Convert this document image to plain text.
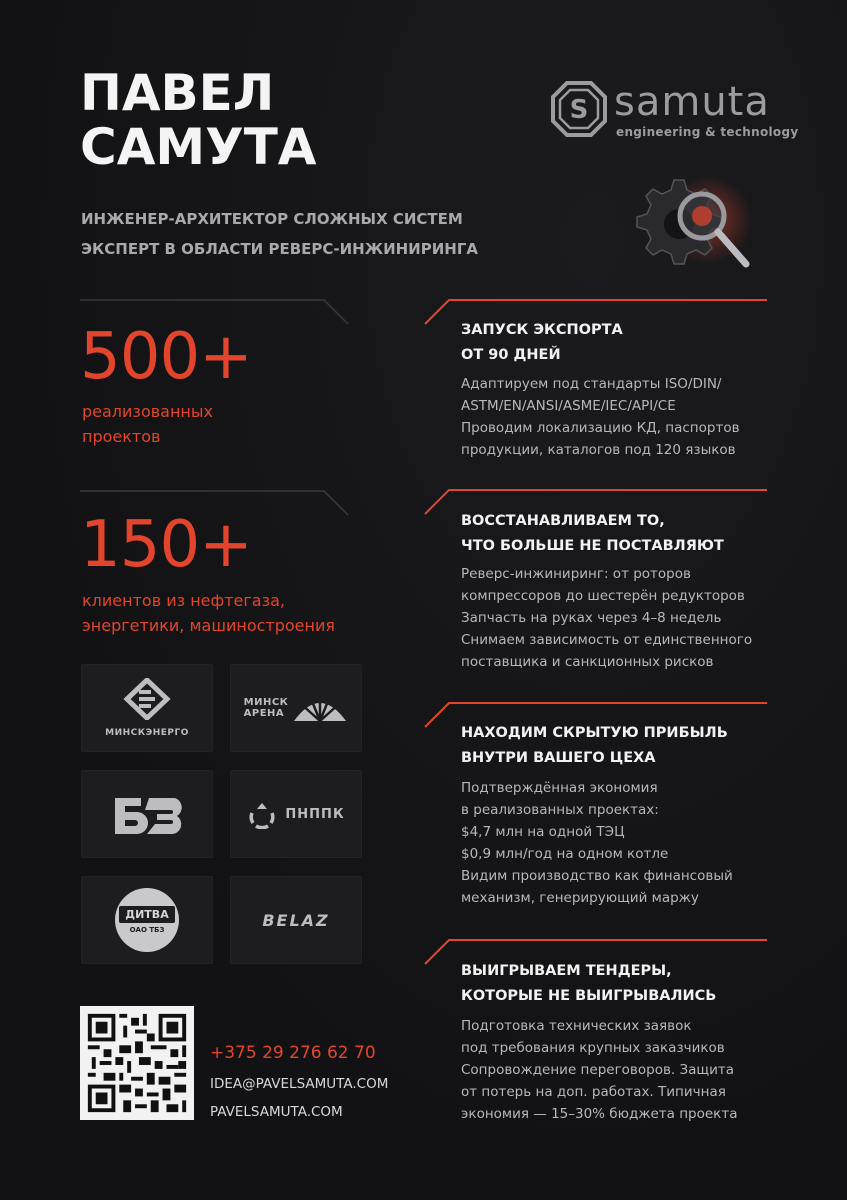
ПАВЕЛ
САМУТА
ИНЖЕНЕР-АРХИТЕКТОР СЛОЖНЫХ СИСТЕМ
ЭКСПЕРТ В ОБЛАСТИ РЕВЕРС-ИНЖИНИРИНГА
S samuta
engineering & technology
500+
реализованных
проектов
150+
клиентов из нефтегаза,
энергетики, машиностроения
МИНСКЭНЕРГО
МИНСК
АРЕНА
ПНППК
ДИТВА
ОАО ТБЗ
BELAZ
+375 29 276 62 70
IDEA@PAVELSAMUTA.COM
PAVELSAMUTA.COM
ЗАПУСК ЭКСПОРТА
ОТ 90 ДНЕЙ
Адаптируем под стандарты ISO/DIN/
ASTM/EN/ANSI/ASME/IEC/API/CE
Проводим локализацию КД, паспортов
продукции, каталогов под 120 языков
ВОССТАНАВЛИВАЕМ ТО,
ЧТО БОЛЬШЕ НЕ ПОСТАВЛЯЮТ
Реверс-инжиниринг: от роторов
компрессоров до шестерён редукторов
Запчасть на руках через 4–8 недель
Снимаем зависимость от единственного
поставщика и санкционных рисков
НАХОДИМ СКРЫТУЮ ПРИБЫЛЬ
ВНУТРИ ВАШЕГО ЦЕХА
Подтверждённая экономия
в реализованных проектах:
$4,7 млн на одной ТЭЦ
$0,9 млн/год на одном котле
Видим производство как финансовый
механизм, генерирующий маржу
ВЫИГРЫВАЕМ ТЕНДЕРЫ,
КОТОРЫЕ НЕ ВЫИГРЫВАЛИСЬ
Подготовка технических заявок
под требования крупных заказчиков
Сопровождение переговоров. Защита
от потерь на доп. работах. Типичная
экономия — 15–30% бюджета проекта
